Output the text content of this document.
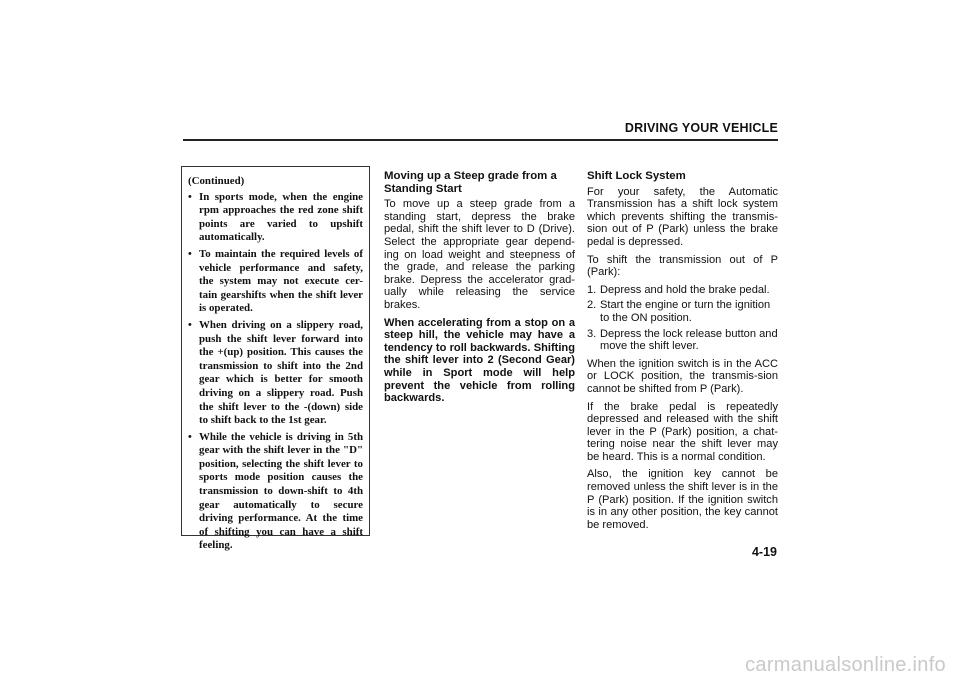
DRIVING YOUR VEHICLE

(Continued)

• In sports mode, when the engine rpm approaches the red zone shift points are varied to upshift automatically.
• To maintain the required levels of vehicle performance and safety, the system may not execute cer-tain gearshifts when the shift lever is operated.
• When driving on a slippery road, push the shift lever forward into the +(up) position. This causes the transmission to shift into the 2nd gear which is better for smooth driving on a slippery road. Push the shift lever to the -(down) side to shift back to the 1st gear.
• While the vehicle is driving in 5th gear with the shift lever in the "D" position, selecting the shift lever to sports mode position causes the transmission to down-shift to 4th gear automatically to secure driving performance. At the time of shifting you can have a shift feeling.
Moving up a Steep grade from a Standing Start

To move up a steep grade from a standing start, depress the brake pedal, shift the shift lever to D (Drive). Select the appropriate gear depend-ing on load weight and steepness of the grade, and release the parking brake. Depress the accelerator grad-ually while releasing the service brakes.

When accelerating from a stop on a steep hill, the vehicle may have a tendency to roll backwards. Shifting the shift lever into 2 (Second Gear) while in Sport mode will help prevent the vehicle from rolling backwards.

Shift Lock System

For your safety, the Automatic Transmission has a shift lock system which prevents shifting the transmis-sion out of P (Park) unless the brake pedal is depressed.

To shift the transmission out of P (Park):

1. Depress and hold the brake pedal.
2. Start the engine or turn the ignition to the ON position.
3. Depress the lock release button and move the shift lever.

When the ignition switch is in the ACC or LOCK position, the transmis-sion cannot be shifted from P (Park).

If the brake pedal is repeatedly depressed and released with the shift lever in the P (Park) position, a chat-tering noise near the shift lever may be heard. This is a normal condition.

Also, the ignition key cannot be removed unless the shift lever is in the P (Park) position. If the ignition switch is in any other position, the key cannot be removed.

4-19
carmanualsonline.info
